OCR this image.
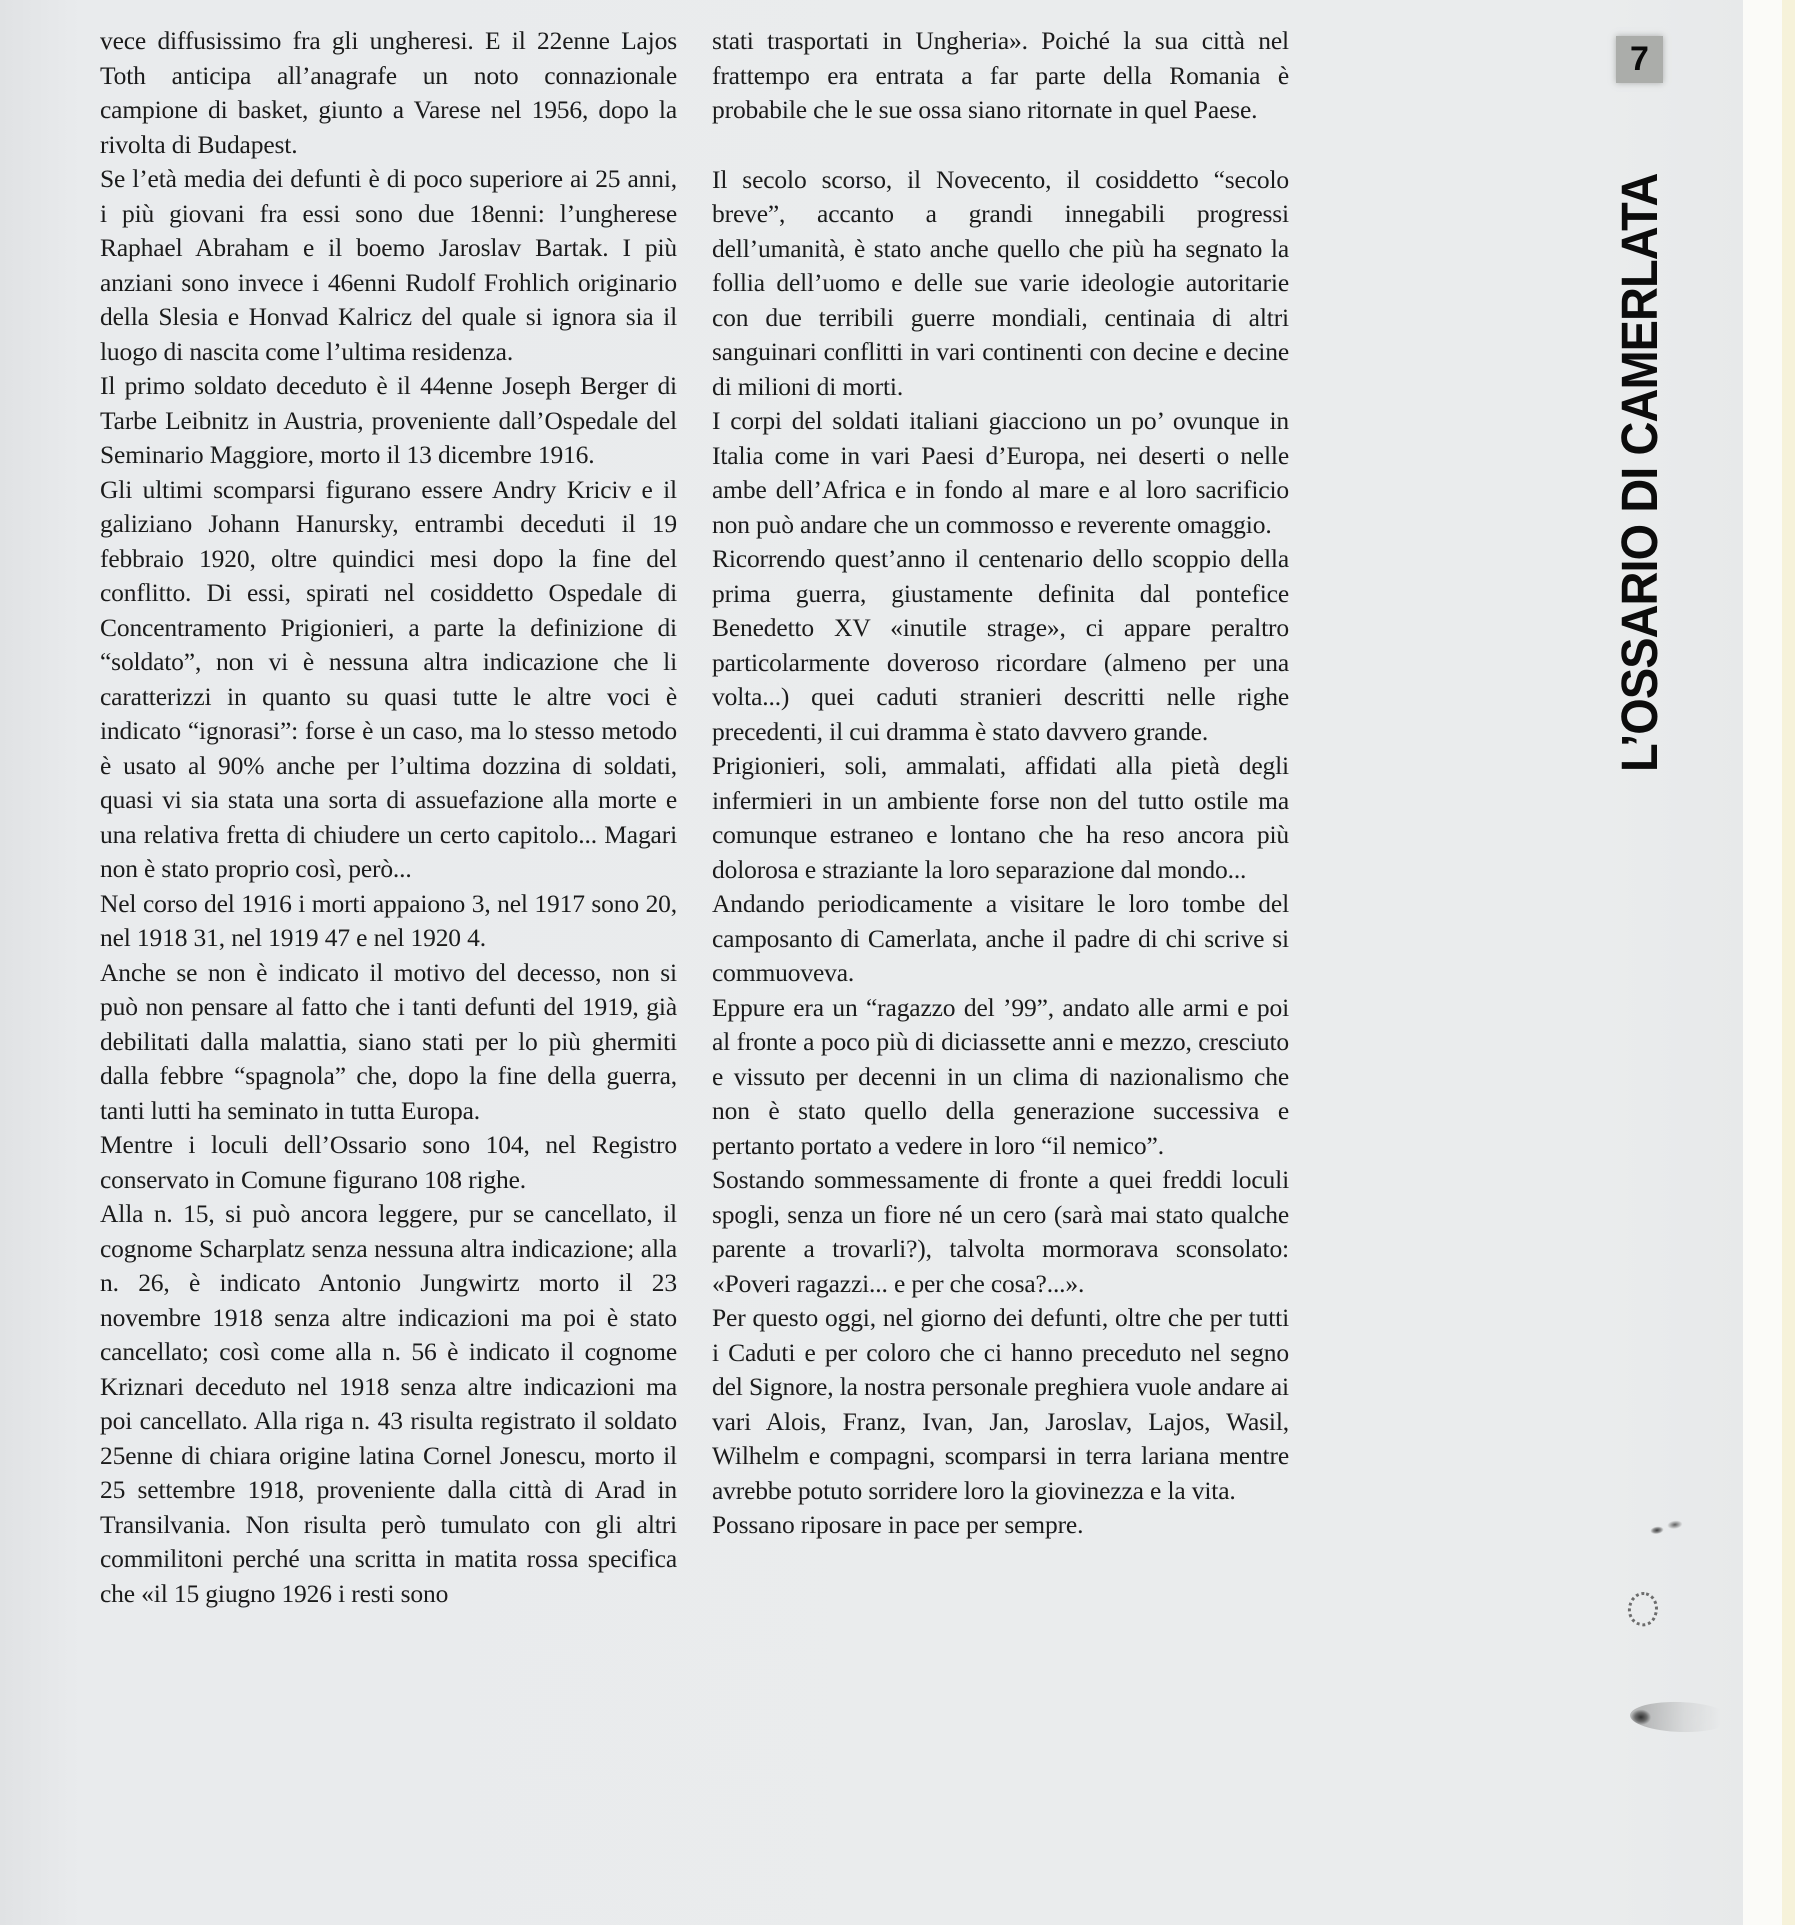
vece diffusissimo fra gli ungheresi. E il 22enne Lajos Toth anticipa all’anagrafe un noto connazionale campione di basket, giunto a Varese nel 1956, dopo la rivolta di Budapest.

Se l’età media dei defunti è di poco superiore ai 25 anni, i più giovani fra essi sono due 18enni: l’ungherese Raphael Abraham e il boemo Jaroslav Bartak. I più anziani sono invece i 46enni Rudolf Frohlich originario della Slesia e Honvad Kalricz del quale si ignora sia il luogo di nascita come l’ultima residenza.

Il primo soldato deceduto è il 44enne Joseph Berger di Tarbe Leibnitz in Austria, proveniente dall’Ospedale del Seminario Maggiore, morto il 13 dicembre 1916.

Gli ultimi scomparsi figurano essere Andry Kriciv e il galiziano Johann Hanursky, entrambi deceduti il 19 febbraio 1920, oltre quindici mesi dopo la fine del conflitto. Di essi, spirati nel cosiddetto Ospedale di Concentramento Prigionieri, a parte la definizione di “soldato”, non vi è nessuna altra indicazione che li caratterizzi in quanto su quasi tutte le altre voci è indicato “ignorasi”: forse è un caso, ma lo stesso metodo è usato al 90% anche per l’ultima dozzina di soldati, quasi vi sia stata una sorta di assuefazione alla morte e una relativa fretta di chiudere un certo capitolo... Magari non è stato proprio così, però...

Nel corso del 1916 i morti appaiono 3, nel 1917 sono 20, nel 1918 31, nel 1919 47 e nel 1920 4.

Anche se non è indicato il motivo del decesso, non si può non pensare al fatto che i tanti defunti del 1919, già debilitati dalla malattia, siano stati per lo più ghermiti dalla febbre “spagnola” che, dopo la fine della guerra, tanti lutti ha seminato in tutta Europa.

Mentre i loculi dell’Ossario sono 104, nel Registro conservato in Comune figurano 108 righe.

Alla n. 15, si può ancora leggere, pur se cancellato, il cognome Scharplatz senza nessuna altra indicazione; alla n. 26, è indicato Antonio Jungwirtz morto il 23 novembre 1918 senza altre indicazioni ma poi è stato cancellato; così come alla n. 56 è indicato il cognome Kriznari deceduto nel 1918 senza altre indicazioni ma poi cancellato. Alla riga n. 43 risulta registrato il soldato 25enne di chiara origine latina Cornel Jonescu, morto il 25 settembre 1918, proveniente dalla città di Arad in Transilvania. Non risulta però tumulato con gli altri commilitoni perché una scritta in matita rossa specifica che «il 15 giugno 1926 i resti sono

stati trasportati in Ungheria». Poiché la sua città nel frattempo era entrata a far parte della Romania è probabile che le sue ossa siano ritornate in quel Paese.

Il secolo scorso, il Novecento, il cosiddetto “secolo breve”, accanto a grandi innegabili progressi dell’umanità, è stato anche quello che più ha segnato la follia dell’uomo e delle sue varie ideologie autoritarie con due terribili guerre mondiali, centinaia di altri sanguinari conflitti in vari continenti con decine e decine di milioni di morti.

I corpi del soldati italiani giacciono un po’ ovunque in Italia come in vari Paesi d’Europa, nei deserti o nelle ambe dell’Africa e in fondo al mare e al loro sacrificio non può andare che un commosso e reverente omaggio.

Ricorrendo quest’anno il centenario dello scoppio della prima guerra, giustamente definita dal pontefice Benedetto XV «inutile strage», ci appare peraltro particolarmente doveroso ricordare (almeno per una volta...) quei caduti stranieri descritti nelle righe precedenti, il cui dramma è stato davvero grande.

Prigionieri, soli, ammalati, affidati alla pietà degli infermieri in un ambiente forse non del tutto ostile ma comunque estraneo e lontano che ha reso ancora più dolorosa e straziante la loro separazione dal mondo...

Andando periodicamente a visitare le loro tombe del camposanto di Camerlata, anche il padre di chi scrive si commuoveva.

Eppure era un “ragazzo del ’99”, andato alle armi e poi al fronte a poco più di diciassette anni e mezzo, cresciuto e vissuto per decenni in un clima di nazionalismo che non è stato quello della generazione successiva e pertanto portato a vedere in loro “il nemico”.

Sostando sommessamente di fronte a quei freddi loculi spogli, senza un fiore né un cero (sarà mai stato qualche parente a trovarli?), talvolta mormorava sconsolato: «Poveri ragazzi... e per che cosa?...».

Per questo oggi, nel giorno dei defunti, oltre che per tutti i Caduti e per coloro che ci hanno preceduto nel segno del Signore, la nostra personale preghiera vuole andare ai vari Alois, Franz, Ivan, Jan, Jaroslav, Lajos, Wasil, Wilhelm e compagni, scomparsi in terra lariana mentre avrebbe potuto sorridere loro la giovinezza e la vita.

Possano riposare in pace per sempre.

7
L’OSSARIO DI CAMERLATA
